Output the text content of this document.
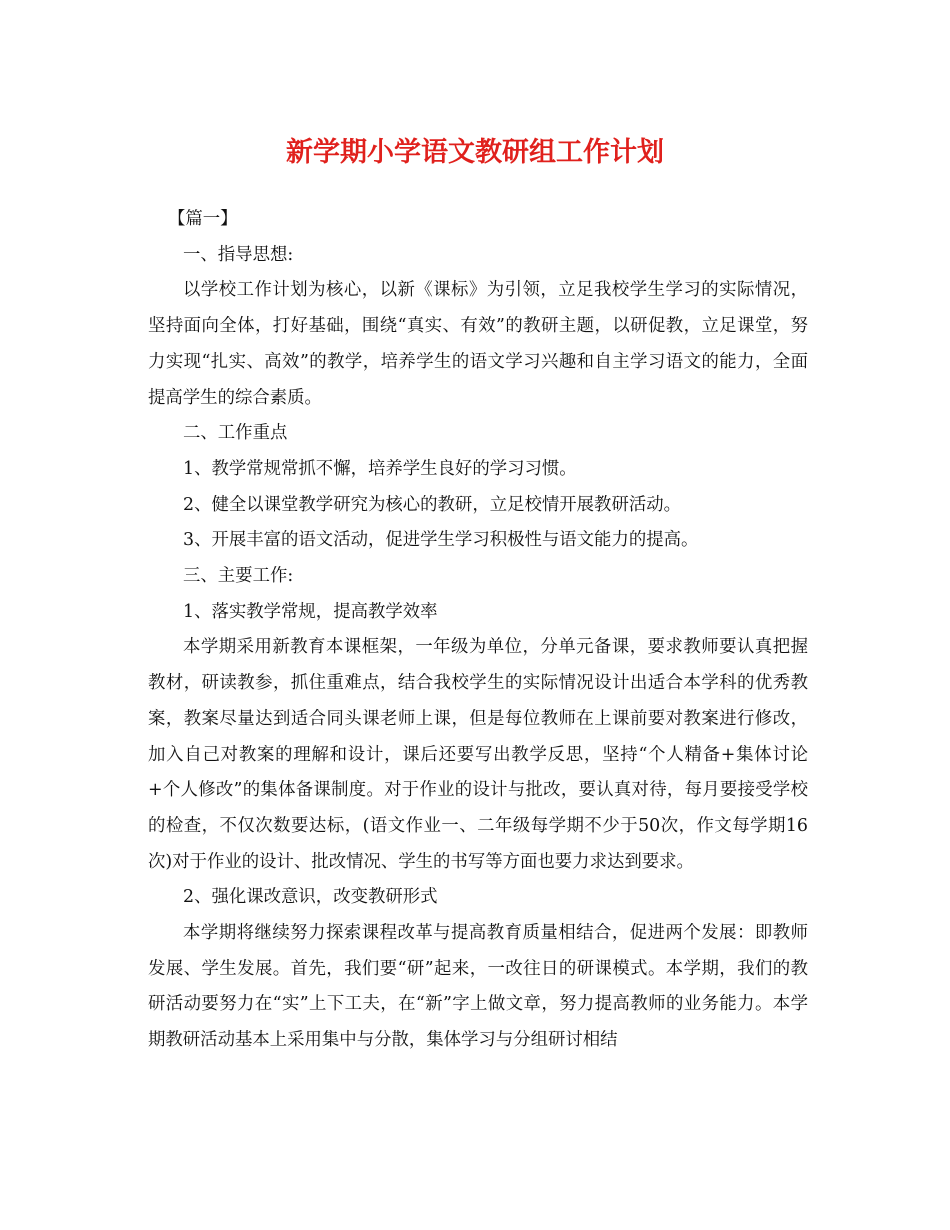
新学期小学语文教研组工作计划

【篇一】

一、指导思想:

以学校工作计划为核心，以新《课标》为引领，立足我校学生学习的实际情况，坚持面向全体，打好基础，围绕“真实、有效”的教研主题，以研促教，立足课堂，努力实现“扎实、高效”的教学，培养学生的语文学习兴趣和自主学习语文的能力，全面提高学生的综合素质。

二、工作重点

1、教学常规常抓不懈，培养学生良好的学习习惯。

2、健全以课堂教学研究为核心的教研，立足校情开展教研活动。

3、开展丰富的语文活动，促进学生学习积极性与语文能力的提高。

三、主要工作:

1、落实教学常规，提高教学效率

本学期采用新教育本课框架，一年级为单位，分单元备课，要求教师要认真把握教材，研读教参，抓住重难点，结合我校学生的实际情况设计出适合本学科的优秀教案，教案尽量达到适合同头课老师上课，但是每位教师在上课前要对教案进行修改，加入自己对教案的理解和设计，课后还要写出教学反思，坚持“个人精备+集体讨论+个人修改”的集体备课制度。对于作业的设计与批改，要认真对待，每月要接受学校的检查，不仅次数要达标，(语文作业一、二年级每学期不少于50次，作文每学期16次)对于作业的设计、批改情况、学生的书写等方面也要力求达到要求。

2、强化课改意识，改变教研形式

本学期将继续努力探索课程改革与提高教育质量相结合，促进两个发展：即教师发展、学生发展。首先，我们要“研”起来，一改往日的研课模式。本学期，我们的教研活动要努力在“实”上下工夫，在“新”字上做文章，努力提高教师的业务能力。本学期教研活动基本上采用集中与分散，集体学习与分组研讨相结
